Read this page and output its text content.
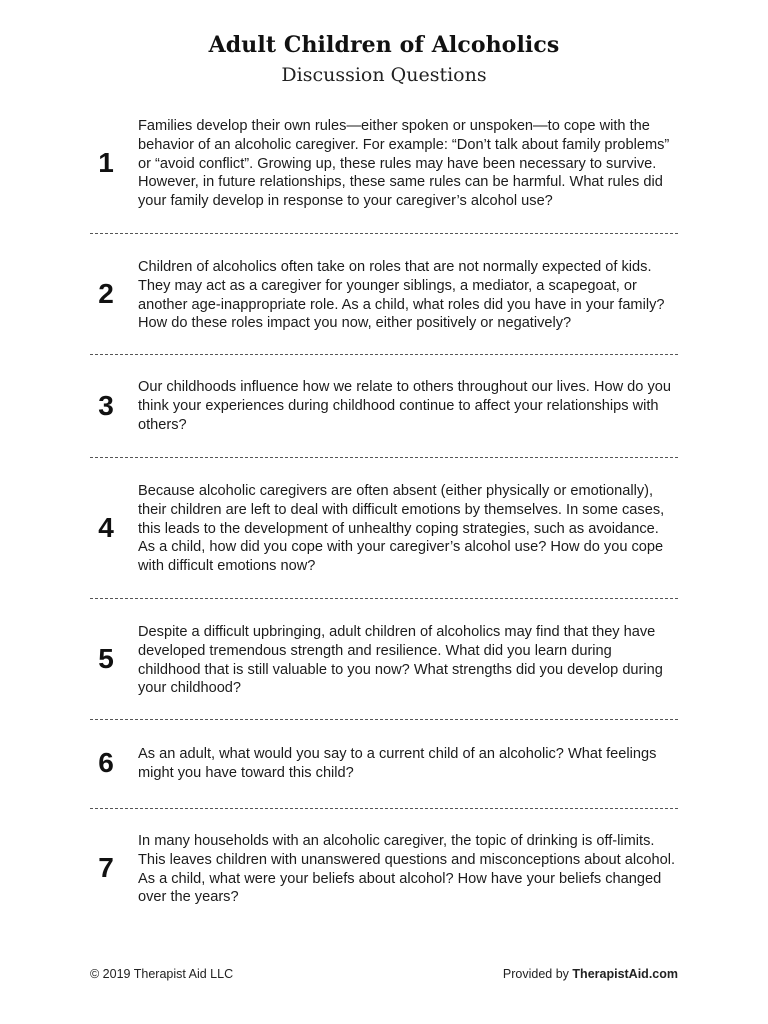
Adult Children of Alcoholics
Discussion Questions
1
Families develop their own rules—either spoken or unspoken—to cope with the behavior of an alcoholic caregiver. For example: “Don’t talk about family problems” or “avoid conflict”. Growing up, these rules may have been necessary to survive. However, in future relationships, these same rules can be harmful. What rules did your family develop in response to your caregiver’s alcohol use?
2
Children of alcoholics often take on roles that are not normally expected of kids. They may act as a caregiver for younger siblings, a mediator, a scapegoat, or another age-inappropriate role. As a child, what roles did you have in your family? How do these roles impact you now, either positively or negatively?
3
Our childhoods influence how we relate to others throughout our lives. How do you think your experiences during childhood continue to affect your relationships with others?
4
Because alcoholic caregivers are often absent (either physically or emotionally), their children are left to deal with difficult emotions by themselves. In some cases, this leads to the development of unhealthy coping strategies, such as avoidance. As a child, how did you cope with your caregiver’s alcohol use? How do you cope with difficult emotions now?
5
Despite a difficult upbringing, adult children of alcoholics may find that they have developed tremendous strength and resilience. What did you learn during childhood that is still valuable to you now? What strengths did you develop during your childhood?
6	As an adult, what would you say to a current child of an alcoholic? What feelings might you have toward this child?
7
In many households with an alcoholic caregiver, the topic of drinking is off-limits. This leaves children with unanswered questions and misconceptions about alcohol. As a child, what were your beliefs about alcohol? How have your beliefs changed over the years?
© 2019 Therapist Aid LLC	Provided by TherapistAid.com
